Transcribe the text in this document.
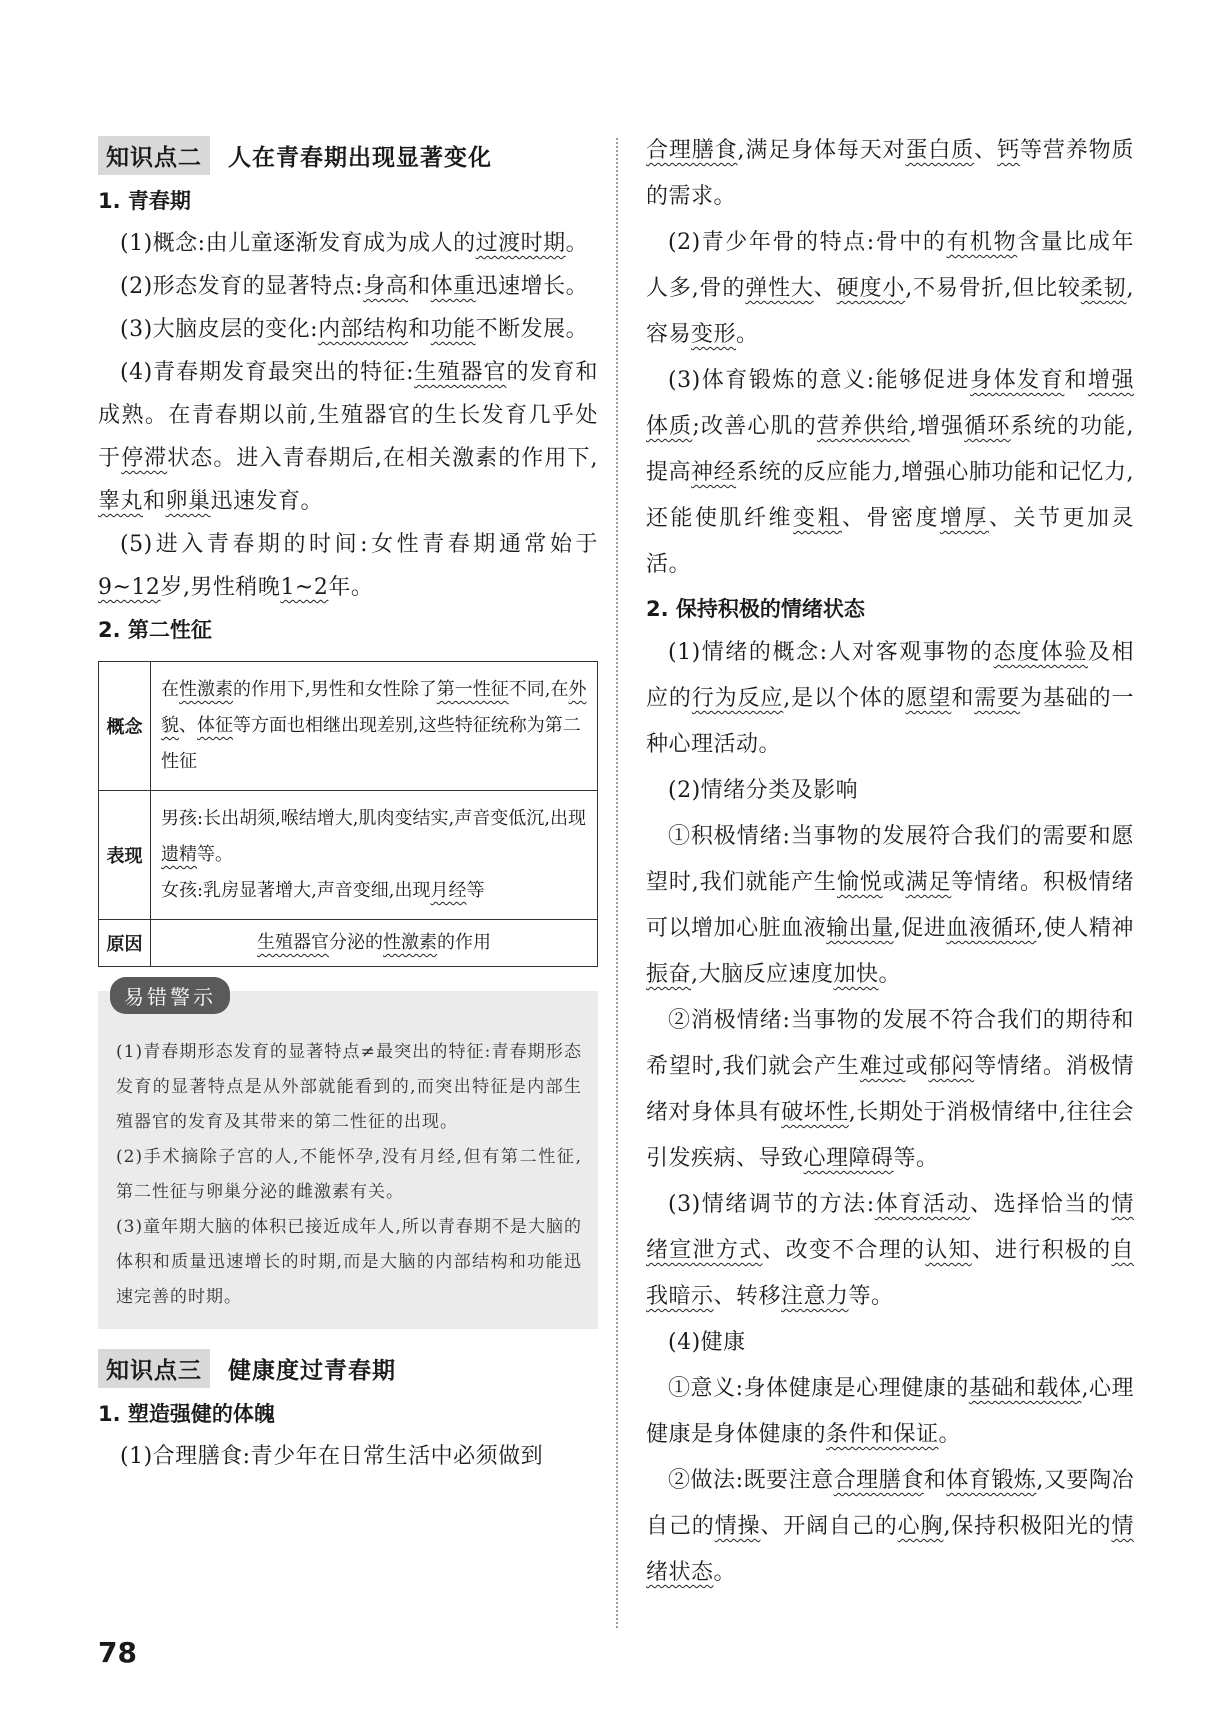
知识点二	人在青春期出现显著变化
1. 青春期

(1)概念:由儿童逐渐发育成为成人的过渡时期。

(2)形态发育的显著特点:身高和体重迅速增长。

(3)大脑皮层的变化:内部结构和功能不断发展。

(4)青春期发育最突出的特征:生殖器官的发育和成熟。在青春期以前,生殖器官的生长发育几乎处于停滞状态。进入青春期后,在相关激素的作用下,睾丸和卵巢迅速发育。

(5)进入青春期的时间:女性青春期通常始于9~12岁,男性稍晚1~2年。

2. 第二性征
概念	在性激素的作用下,男性和女性除了第一性征不同,在外貌、体征等方面也相继出现差别,这些特征统称为第二性征
表现	男孩:长出胡须,喉结增大,肌肉变结实,声音变低沉,出现遗精等。
女孩:乳房显著增大,声音变细,出现月经等

原因	生殖器官分泌的性激素的作用
易错警示

(1)青春期形态发育的显著特点≠最突出的特征:青春期形态发育的显著特点是从外部就能看到的,而突出特征是内部生殖器官的发育及其带来的第二性征的出现。

(2)手术摘除子宫的人,不能怀孕,没有月经,但有第二性征,第二性征与卵巢分泌的雌激素有关。

(3)童年期大脑的体积已接近成年人,所以青春期不是大脑的体积和质量迅速增长的时期,而是大脑的内部结构和功能迅速完善的时期。

知识点三	健康度过青春期
1. 塑造强健的体魄

(1)合理膳食:青少年在日常生活中必须做到

合理膳食,满足身体每天对蛋白质、钙等营养物质的需求。

(2)青少年骨的特点:骨中的有机物含量比成年人多,骨的弹性大、硬度小,不易骨折,但比较柔韧,容易变形。

(3)体育锻炼的意义:能够促进身体发育和增强体质;改善心肌的营养供给,增强循环系统的功能,提高神经系统的反应能力,增强心肺功能和记忆力,还能使肌纤维变粗、骨密度增厚、关节更加灵活。

2. 保持积极的情绪状态

(1)情绪的概念:人对客观事物的态度体验及相应的行为反应,是以个体的愿望和需要为基础的一种心理活动。

(2)情绪分类及影响

①积极情绪:当事物的发展符合我们的需要和愿望时,我们就能产生愉悦或满足等情绪。积极情绪可以增加心脏血液输出量,促进血液循环,使人精神振奋,大脑反应速度加快。

②消极情绪:当事物的发展不符合我们的期待和希望时,我们就会产生难过或郁闷等情绪。消极情绪对身体具有破坏性,长期处于消极情绪中,往往会引发疾病、导致心理障碍等。

(3)情绪调节的方法:体育活动、选择恰当的情绪宣泄方式、改变不合理的认知、进行积极的自我暗示、转移注意力等。

(4)健康

①意义:身体健康是心理健康的基础和载体,心理健康是身体健康的条件和保证。

②做法:既要注意合理膳食和体育锻炼,又要陶冶自己的情操、开阔自己的心胸,保持积极阳光的情绪状态。

78
